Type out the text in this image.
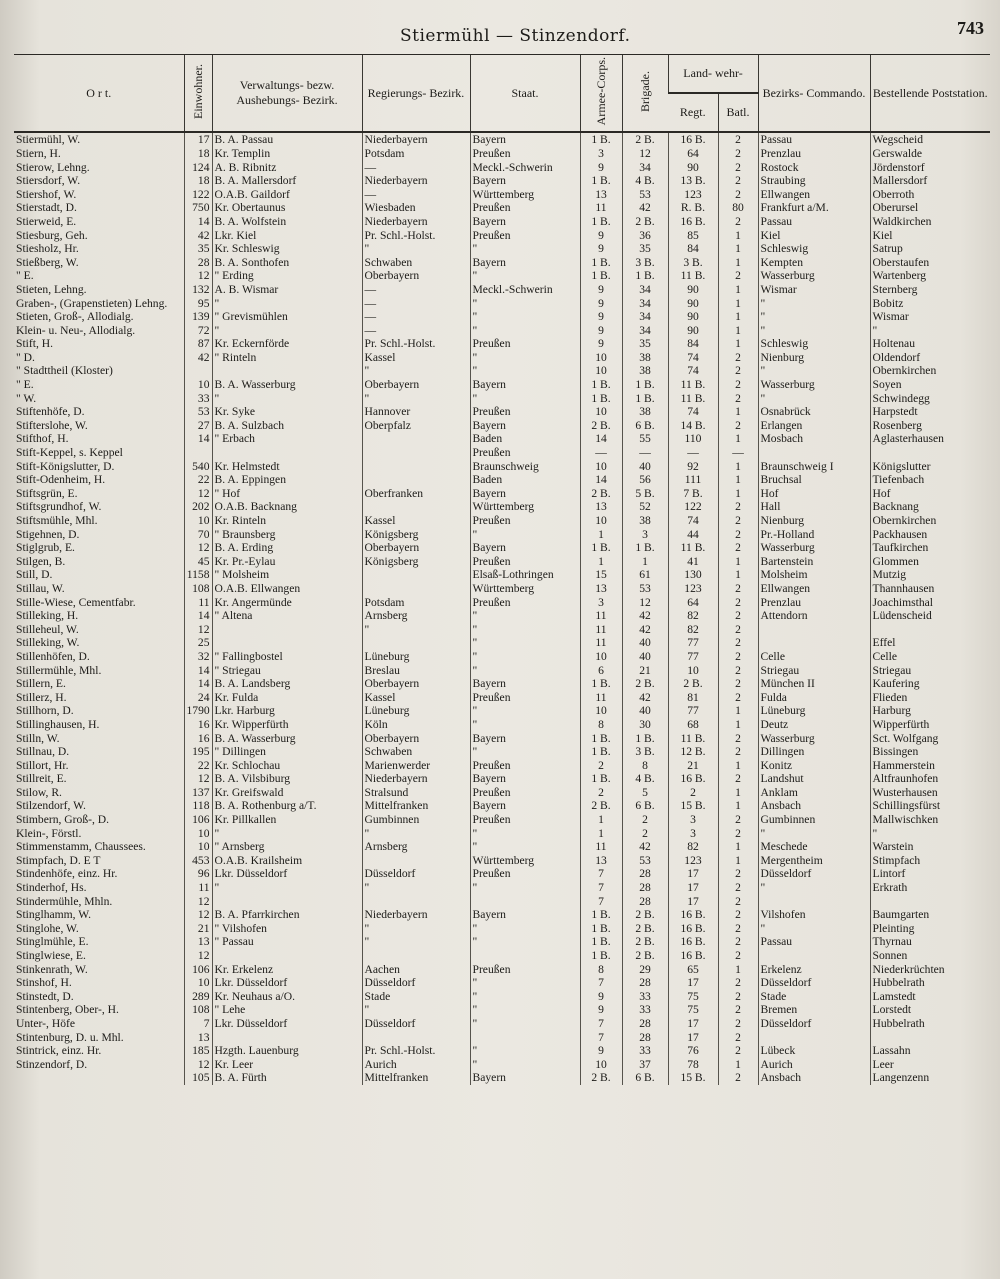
Stiermühl — Stinzendorf.	743
O r t.	Einwohner.	Verwaltungs- bezw. Aushebungs- Bezirk.	Regierungs- Bezirk.	Staat.	Armee-Corps.	Brigade.	Land- wehr-		Bezirks- Commando.	Bestellende Poststation.
							Regt.	Batl.		
Stiermühl, W.	17	B. A. Passau	Niederbayern	Bayern	1 B.	2 B.	16 B.	2	Passau	Wegscheid
Stiern, H.	18	Kr. Templin	Potsdam	Preußen	3	12	64	2	Prenzlau	Gerswalde
Stierow, Lehng.	124	A. B. Ribnitz	—	Meckl.-Schwerin	9	34	90	2	Rostock	Jördenstorf
Stiersdorf, W.	18	B. A. Mallersdorf	Niederbayern	Bayern	1 B.	4 B.	13 B.	2	Straubing	Mallersdorf
Stiershof, W.	122	O.A.B. Gaildorf	—	Württemberg	13	53	123	2	Ellwangen	Oberroth
Stierstadt, D.	750	Kr. Obertaunus	Wiesbaden	Preußen	11	42	R. B.	80	Frankfurt a/M.	Oberursel
Stierweid, E.	14	B. A. Wolfstein	Niederbayern	Bayern	1 B.	2 B.	16 B.	2	Passau	Waldkirchen
Stiesburg, Geh.	42	Lkr. Kiel	Pr. Schl.-Holst.	Preußen	9	36	85	1	Kiel	Kiel
Stiesholz, Hr.	35	Kr. Schleswig	"	"	9	35	84	1	Schleswig	Satrup
Stießberg, W.	28	B. A. Sonthofen	Schwaben	Bayern	1 B.	3 B.	3 B.	1	Kempten	Oberstaufen
" E.	12	" Erding	Oberbayern	"	1 B.	1 B.	11 B.	2	Wasserburg	Wartenberg
Stieten, Lehng.	132	A. B. Wismar	—	Meckl.-Schwerin	9	34	90	1	Wismar	Sternberg
Graben-, (Grapenstieten) Lehng.	95	"	—	"	9	34	90	1	"	Bobitz
Stieten, Groß-, Allodialg.	139	" Grevismühlen	—	"	9	34	90	1	"	Wismar
Klein- u. Neu-, Allodialg.	72	"	—	"	9	34	90	1	"	"
Stift, H.	87	Kr. Eckernförde	Pr. Schl.-Holst.	Preußen	9	35	84	1	Schleswig	Holtenau
" D.	42	" Rinteln	Kassel	"	10	38	74	2	Nienburg	Oldendorf
" Stadttheil (Kloster)			"	"	10	38	74	2	"	Obernkirchen
" E.	10	B. A. Wasserburg	Oberbayern	Bayern	1 B.	1 B.	11 B.	2	Wasserburg	Soyen
" W.	33	"	"	"	1 B.	1 B.	11 B.	2	"	Schwindegg
Stiftenhöfe, D.	53	Kr. Syke	Hannover	Preußen	10	38	74	1	Osnabrück	Harpstedt
Stifterslohe, W.	27	B. A. Sulzbach	Oberpfalz	Bayern	2 B.	6 B.	14 B.	2	Erlangen	Rosenberg
Stifthof, H.	14	" Erbach		Baden	14	55	110	1	Mosbach	Aglasterhausen
Stift-Keppel, s. Keppel				Preußen	—	—	—	—		
Stift-Königslutter, D.	540	Kr. Helmstedt		Braunschweig	10	40	92	1	Braunschweig I	Königslutter
Stift-Odenheim, H.	22	B. A. Eppingen		Baden	14	56	111	1	Bruchsal	Tiefenbach
Stiftsgrün, E.	12	" Hof	Oberfranken	Bayern	2 B.	5 B.	7 B.	1	Hof	Hof
Stiftsgrundhof, W.	202	O.A.B. Backnang		Württemberg	13	52	122	2	Hall	Backnang
Stiftsmühle, Mhl.	10	Kr. Rinteln	Kassel	Preußen	10	38	74	2	Nienburg	Obernkirchen
Stigehnen, D.	70	" Braunsberg	Königsberg	"	1	3	44	2	Pr.-Holland	Packhausen
Stiglgrub, E.	12	B. A. Erding	Oberbayern	Bayern	1 B.	1 B.	11 B.	2	Wasserburg	Taufkirchen
Stilgen, B.	45	Kr. Pr.-Eylau	Königsberg	Preußen	1	1	41	1	Bartenstein	Glommen
Still, D.	1158	" Molsheim		Elsaß-Lothringen	15	61	130	1	Molsheim	Mutzig
Stillau, W.	108	O.A.B. Ellwangen		Württemberg	13	53	123	2	Ellwangen	Thannhausen
Stille-Wiese, Cementfabr.	11	Kr. Angermünde	Potsdam	Preußen	3	12	64	2	Prenzlau	Joachimsthal
Stilleking, H.	14	" Altena	Arnsberg	"	11	42	82	2	Attendorn	Lüdenscheid
Stilleheul, W.	12		"	"	11	42	82	2		
Stilleking, W.	25			"	11	40	77	2		Effel
Stillenhöfen, D.	32	" Fallingbostel	Lüneburg	"	10	40	77	2	Celle	Celle
Stillermühle, Mhl.	14	" Striegau	Breslau	"	6	21	10	2	Striegau	Striegau
Stillern, E.	14	B. A. Landsberg	Oberbayern	Bayern	1 B.	2 B.	2 B.	2	München II	Kaufering
Stillerz, H.	24	Kr. Fulda	Kassel	Preußen	11	42	81	2	Fulda	Flieden
Stillhorn, D.	1790	Lkr. Harburg	Lüneburg	"	10	40	77	1	Lüneburg	Harburg
Stillinghausen, H.	16	Kr. Wipperfürth	Köln	"	8	30	68	1	Deutz	Wipperfürth
Stilln, W.	16	B. A. Wasserburg	Oberbayern	Bayern	1 B.	1 B.	11 B.	2	Wasserburg	Sct. Wolfgang
Stillnau, D.	195	" Dillingen	Schwaben	"	1 B.	3 B.	12 B.	2	Dillingen	Bissingen
Stillort, Hr.	22	Kr. Schlochau	Marienwerder	Preußen	2	8	21	1	Konitz	Hammerstein
Stillreit, E.	12	B. A. Vilsbiburg	Niederbayern	Bayern	1 B.	4 B.	16 B.	2	Landshut	Altfraunhofen
Stilow, R.	137	Kr. Greifswald	Stralsund	Preußen	2	5	2	1	Anklam	Wusterhausen
Stilzendorf, W.	118	B. A. Rothenburg a/T.	Mittelfranken	Bayern	2 B.	6 B.	15 B.	1	Ansbach	Schillingsfürst
Stimbern, Groß-, D.	106	Kr. Pillkallen	Gumbinnen	Preußen	1	2	3	2	Gumbinnen	Mallwischken
Klein-, Förstl.	10	"	"	"	1	2	3	2	"	"
Stimmenstamm, Chaussees.	10	" Arnsberg	Arnsberg	"	11	42	82	1	Meschede	Warstein
Stimpfach, D. E T	453	O.A.B. Krailsheim		Württemberg	13	53	123	1	Mergentheim	Stimpfach
Stindenhöfe, einz. Hr.	96	Lkr. Düsseldorf	Düsseldorf	Preußen	7	28	17	2	Düsseldorf	Lintorf
Stinderhof, Hs.	11	"	"	"	7	28	17	2	"	Erkrath
Stindermühle, Mhln.	12				7	28	17	2		
Stinglhamm, W.	12	B. A. Pfarrkirchen	Niederbayern	Bayern	1 B.	2 B.	16 B.	2	Vilshofen	Baumgarten
Stinglohe, W.	21	" Vilshofen	"	"	1 B.	2 B.	16 B.	2	"	Pleinting
Stinglmühle, E.	13	" Passau	"	"	1 B.	2 B.	16 B.	2	Passau	Thyrnau
Stinglwiese, E.	12				1 B.	2 B.	16 B.	2		Sonnen
Stinkenrath, W.	106	Kr. Erkelenz	Aachen	Preußen	8	29	65	1	Erkelenz	Niederkrüchten
Stinshof, H.	10	Lkr. Düsseldorf	Düsseldorf	"	7	28	17	2	Düsseldorf	Hubbelrath
Stinstedt, D.	289	Kr. Neuhaus a/O.	Stade	"	9	33	75	2	Stade	Lamstedt
Stintenberg, Ober-, H.	108	" Lehe	"	"	9	33	75	2	Bremen	Lorstedt
Unter-, Höfe	7	Lkr. Düsseldorf	Düsseldorf	"	7	28	17	2	Düsseldorf	Hubbelrath
Stintenburg, D. u. Mhl.	13				7	28	17	2		
Stintrick, einz. Hr.	185	Hzgth. Lauenburg	Pr. Schl.-Holst.	"	9	33	76	2	Lübeck	Lassahn
Stinzendorf, D.	12	Kr. Leer	Aurich	"	10	37	78	1	Aurich	Leer
	105	B. A. Fürth	Mittelfranken	Bayern	2 B.	6 B.	15 B.	2	Ansbach	Langenzenn
